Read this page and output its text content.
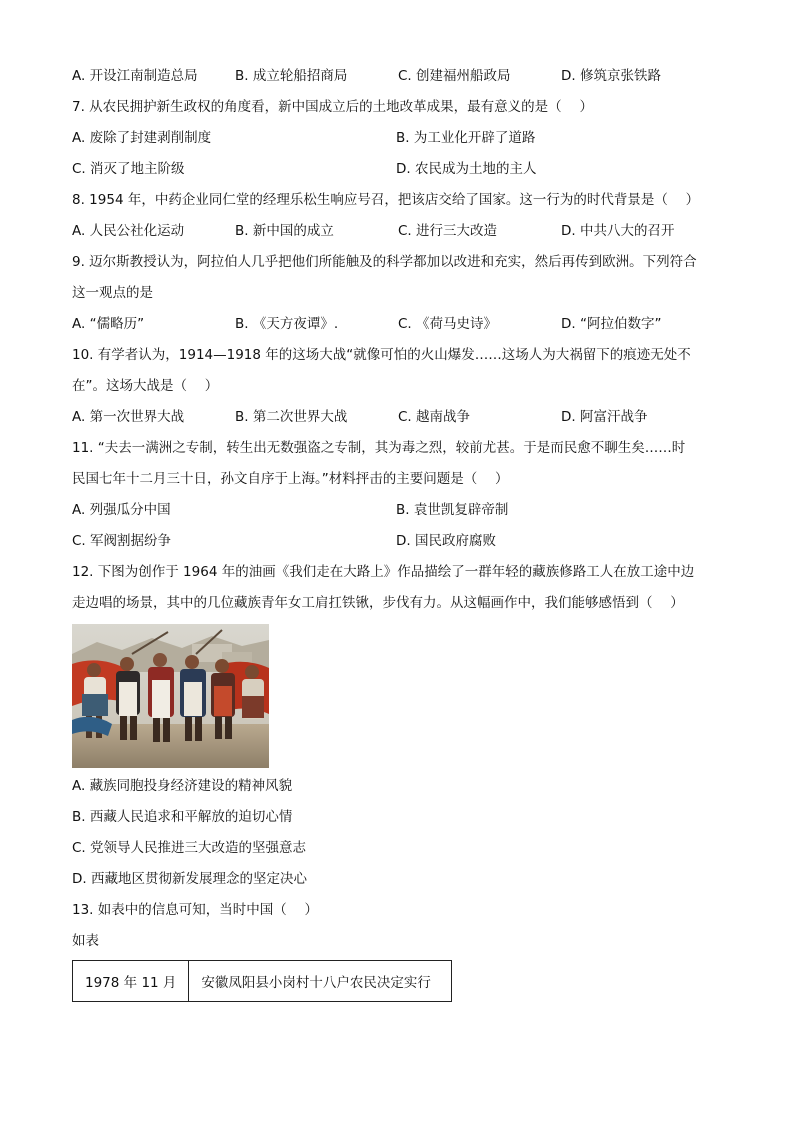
A. 开设江南制造总局	B. 成立轮船招商局	C. 创建福州船政局	D. 修筑京张铁路
7. 从农民拥护新生政权的角度看，新中国成立后的土地改革成果，最有意义的是（　 ）
A. 废除了封建剥削制度	B. 为工业化开辟了道路
C. 消灭了地主阶级	D. 农民成为土地的主人
8. 1954 年，中药企业同仁堂的经理乐松生响应号召，把该店交给了国家。这一行为的时代背景是（　 ）
A. 人民公社化运动	B. 新中国的成立	C. 进行三大改造	D. 中共八大的召开
9. 迈尔斯教授认为，阿拉伯人几乎把他们所能触及的科学都加以改进和充实，然后再传到欧洲。下列符合
这一观点的是
A. “儒略历”	B. 《天方夜谭》.	C. 《荷马史诗》	D. “阿拉伯数字”
10. 有学者认为，1914—1918 年的这场大战“就像可怕的火山爆发……这场人为大祸留下的痕迹无处不
在”。这场大战是（　 ）
A. 第一次世界大战	B. 第二次世界大战	C. 越南战争	D. 阿富汗战争
11. “夫去一满洲之专制，转生出无数强盗之专制，其为毒之烈，较前尤甚。于是而民愈不聊生矣……时
民国七年十二月三十日，孙文自序于上海。”材料抨击的主要问题是（　 ）
A. 列强瓜分中国	B. 袁世凯复辟帝制
C. 军阀割据纷争	D. 国民政府腐败
12. 下图为创作于 1964 年的油画《我们走在大路上》作品描绘了一群年轻的藏族修路工人在放工途中边
走边唱的场景，其中的几位藏族青年女工肩扛铁锹，步伐有力。从这幅画作中，我们能够感悟到（　 ）
A. 藏族同胞投身经济建设的精神风貌
B. 西藏人民追求和平解放的迫切心情
C. 党领导人民推进三大改造的坚强意志
D. 西藏地区贯彻新发展理念的坚定决心
13. 如表中的信息可知，当时中国（　 ）
如表
1978 年 11 月	安徽凤阳县小岗村十八户农民决定实行
